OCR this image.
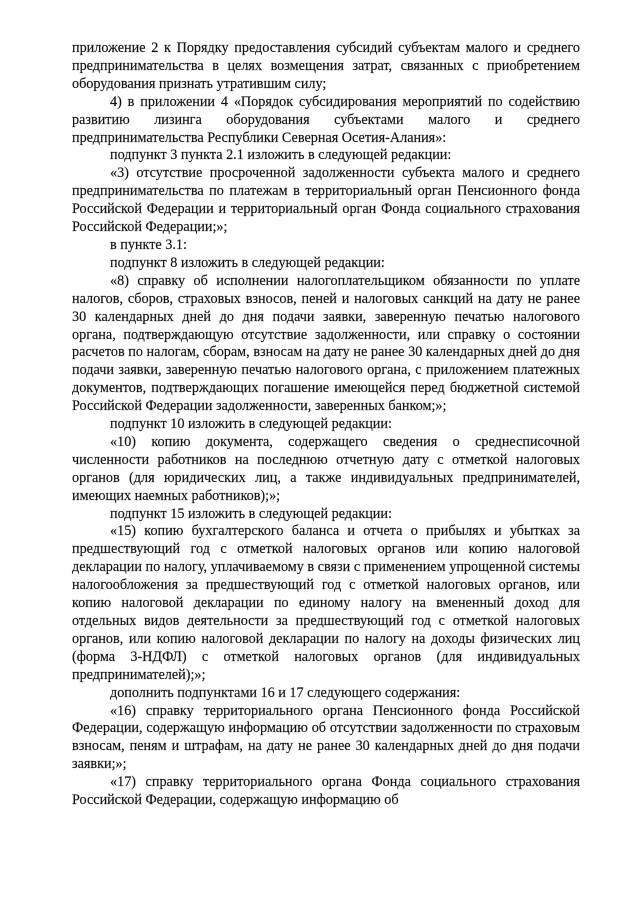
приложение 2 к Порядку предоставления субсидий субъектам малого и среднего предпринимательства в целях возмещения затрат, связанных с приобретением оборудования признать утратившим силу;

4) в приложении 4 «Порядок субсидирования мероприятий по содействию развитию лизинга оборудования субъектами малого и среднего предпринимательства Республики Северная Осетия-Алания»:

подпункт 3 пункта 2.1 изложить в следующей редакции:

«3) отсутствие просроченной задолженности субъекта малого и среднего предпринимательства по платежам в территориальный орган Пенсионного фонда Российской Федерации и территориальный орган Фонда социального страхования Российской Федерации;»;

в пункте 3.1:

подпункт 8 изложить в следующей редакции:

«8) справку об исполнении налогоплательщиком обязанности по уплате налогов, сборов, страховых взносов, пеней и налоговых санкций на дату не ранее 30 календарных дней до дня подачи заявки, заверенную печатью налогового органа, подтверждающую отсутствие задолженности, или справку о состоянии расчетов по налогам, сборам, взносам на дату не ранее 30 календарных дней до дня подачи заявки, заверенную печатью налогового органа, с приложением платежных документов, подтверждающих погашение имеющейся перед бюджетной системой Российской Федерации задолженности, заверенных банком;»;

подпункт 10 изложить в следующей редакции:

«10) копию документа, содержащего сведения о среднесписочной численности работников на последнюю отчетную дату с отметкой налоговых органов (для юридических лиц, а также индивидуальных предпринимателей, имеющих наемных работников);»;

подпункт 15 изложить в следующей редакции:

«15) копию бухгалтерского баланса и отчета о прибылях и убытках за предшествующий год с отметкой налоговых органов или копию налоговой декларации по налогу, уплачиваемому в связи с применением упрощенной системы налогообложения за предшествующий год с отметкой налоговых органов, или копию налоговой декларации по единому налогу на вмененный доход для отдельных видов деятельности за предшествующий год с отметкой налоговых органов, или копию налоговой декларации по налогу на доходы физических лиц (форма 3-НДФЛ) с отметкой налоговых органов (для индивидуальных предпринимателей);»;

дополнить подпунктами 16 и 17 следующего содержания:

«16) справку территориального органа Пенсионного фонда Российской Федерации, содержащую информацию об отсутствии задолженности по страховым взносам, пеням и штрафам, на дату не ранее 30 календарных дней до дня подачи заявки;»;

«17) справку территориального органа Фонда социального страхования Российской Федерации, содержащую информацию об
